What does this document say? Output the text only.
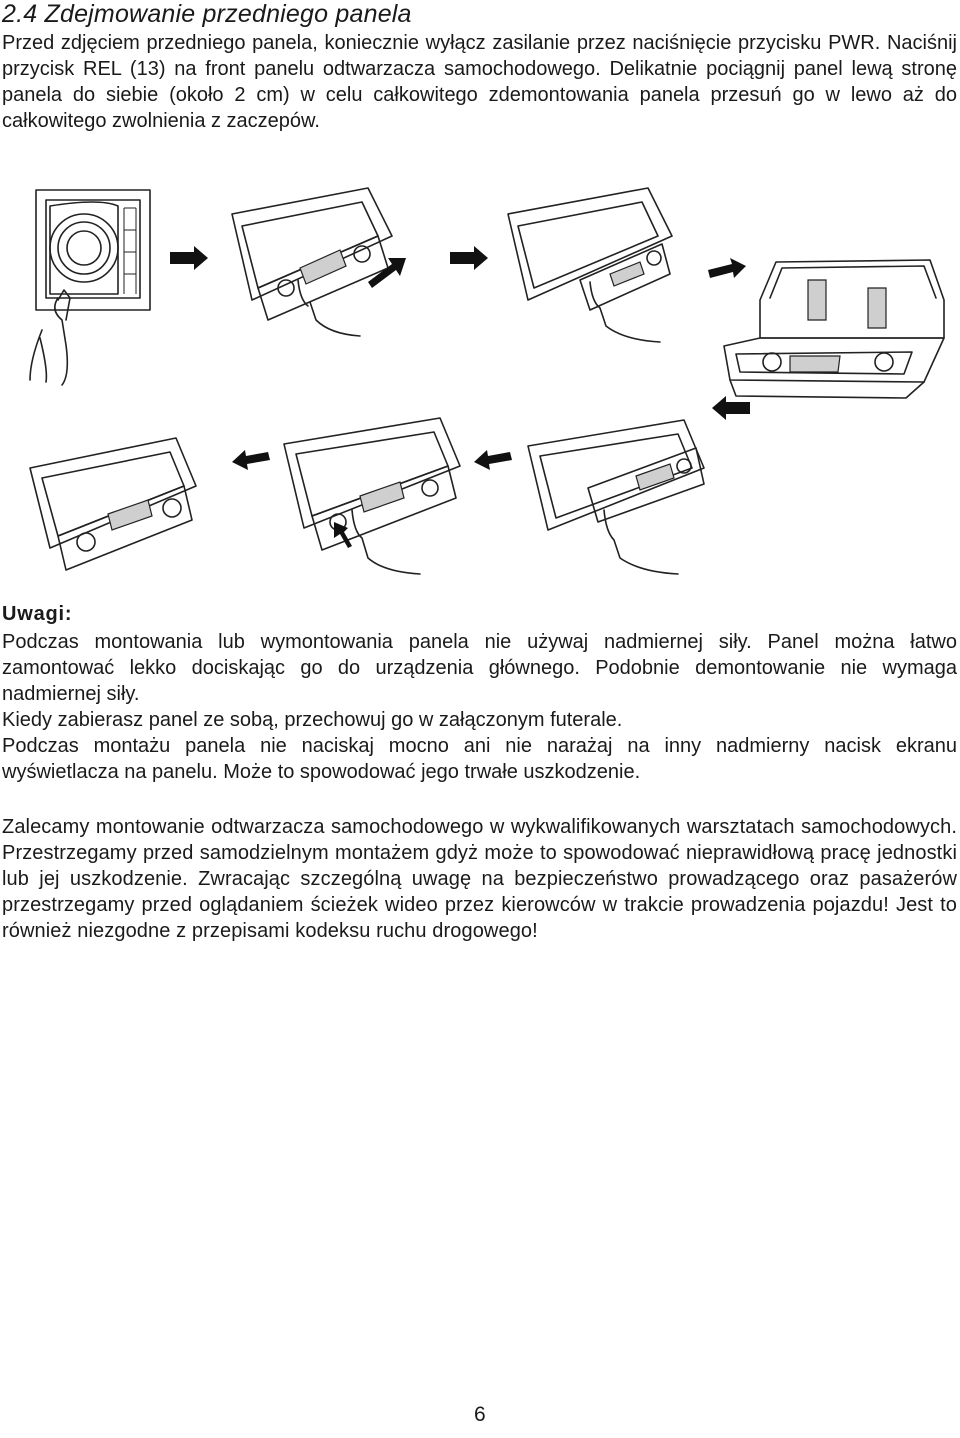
2.4 Zdejmowanie przedniego panela

Przed zdjęciem przedniego panela, koniecznie wyłącz zasilanie przez naciśnięcie przycisku PWR. Naciśnij przycisk REL (13) na front panelu odtwarzacza samochodowego. Delikatnie pociągnij panel lewą stronę panela do siebie (około 2 cm) w celu całkowitego zdemontowania panela przesuń go w lewo aż do całkowitego zwolnienia z zaczepów.

Uwagi:
Podczas montowania lub wymontowania panela nie używaj nadmiernej siły. Panel można łatwo zamontować lekko dociskając go do urządzenia głównego. Podobnie demontowanie nie wymaga nadmiernej siły.
Kiedy zabierasz panel ze sobą, przechowuj go w załączonym futerale.
Podczas montażu panela nie naciskaj mocno ani nie narażaj na inny nadmierny nacisk ekranu wyświetlacza na panelu. Może to spowodować jego trwałe uszkodzenie.

Zalecamy montowanie odtwarzacza samochodowego w wykwalifikowanych warsztatach samochodowych. Przestrzegamy przed samodzielnym montażem gdyż może to spowodować nieprawidłową pracę jednostki lub jej uszkodzenie. Zwracając szczególną uwagę na bezpieczeństwo prowadzącego oraz pasażerów przestrzegamy przed oglądaniem ścieżek wideo przez kierowców w trakcie prowadzenia pojazdu! Jest to również niezgodne z przepisami kodeksu ruchu drogowego!

6
